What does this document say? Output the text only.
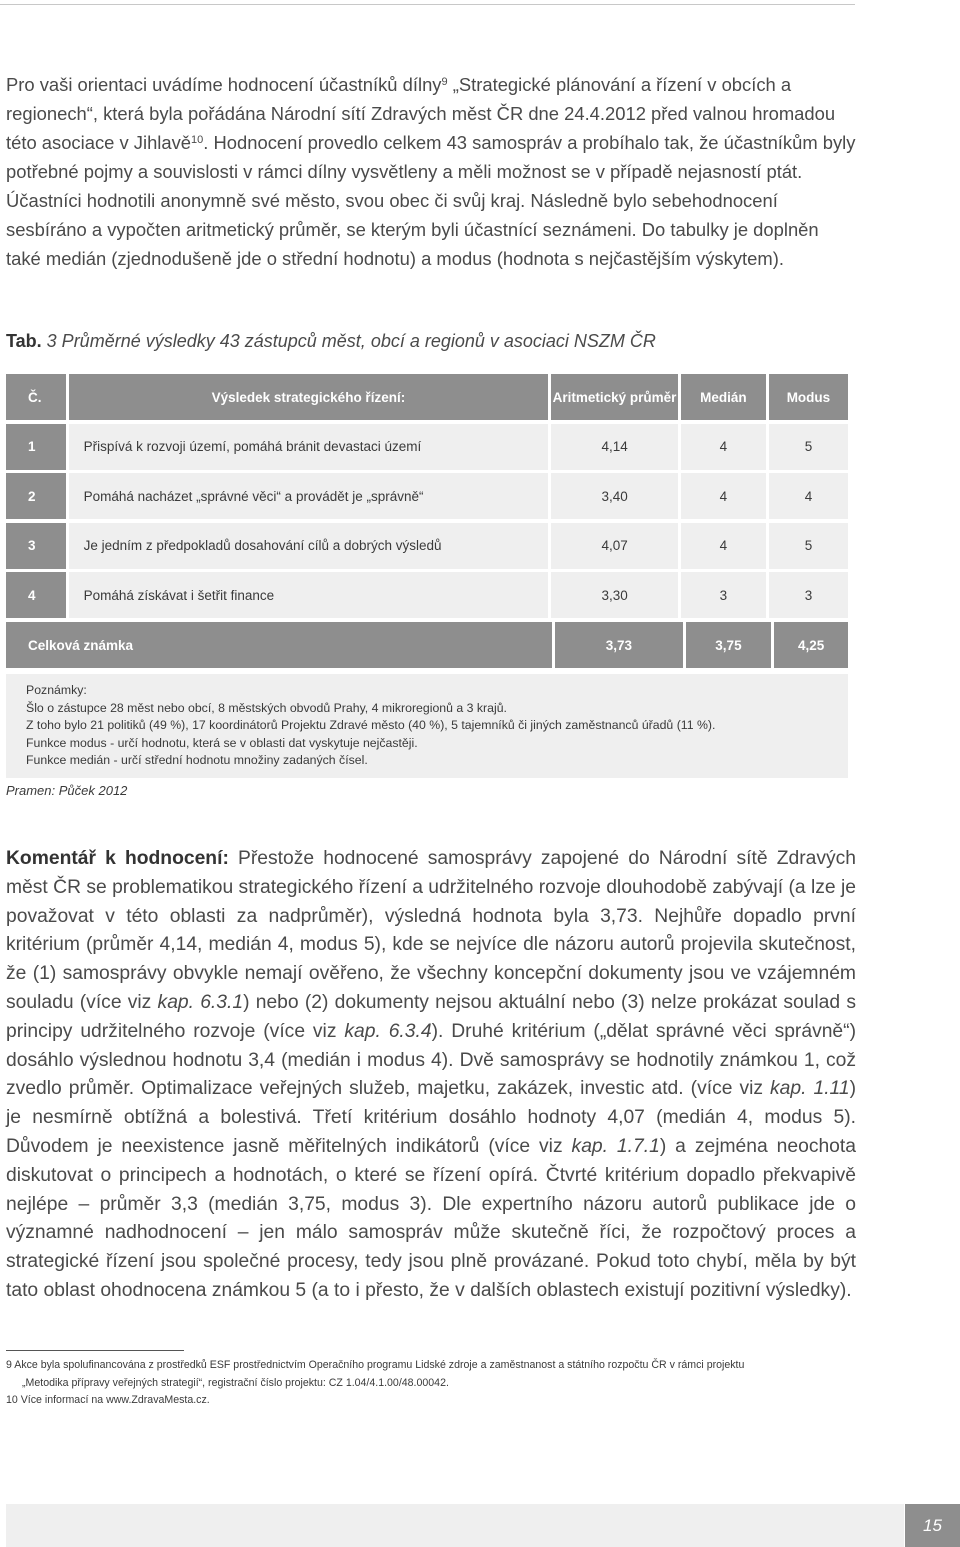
Pro vaši orientaci uvádíme hodnocení účastníků dílny$^9$ „Strategické plánování a řízení v obcích a regionech“, která byla pořádána Národní sítí Zdravých měst ČR dne 24.4.2012 před valnou hromadou této asociace v Jihlavě$^{10}$. Hodnocení provedlo celkem 43 samospráv a probíhalo tak, že účastníkům byly potřebné pojmy a souvislosti v rámci dílny vysvětleny a měli možnost se v případě nejasností ptát. Účastníci hodnotili anonymně své město, svou obec či svůj kraj. Následně bylo sebehodnocení sesbíráno a vypočten aritmetický průměr, se kterým byli účastnící seznámeni. Do tabulky je doplněn také medián (zjednodušeně jde o střední hodnotu) a modus (hodnota s nejčastějším výskytem).
Tab. 3 Průměrné výsledky 43 zástupců měst, obcí a regionů v asociaci NSZM ČR
Č.	Výsledek strategického řízení:	Aritmetický průměr	Medián	Modus
1	Přispívá k rozvoji území, pomáhá bránit devastaci území	4,14	4	5
2	Pomáhá nacházet „správné věci“ a provádět je „správně“	3,40	4	4
3	Je jedním z předpokladů dosahování cílů a dobrých výsledů	4,07	4	5
4	Pomáhá získávat i šetřit finance	3,30	3	3
Celková známka	3,73	3,75	4,25
Poznámky:
Šlo o zástupce 28 měst nebo obcí, 8 městských obvodů Prahy, 4 mikroregionů a 3 krajů.
Z toho bylo 21 politiků (49 %), 17 koordinátorů Projektu Zdravé město (40 %), 5 tajemníků či jiných zaměstnanců úřadů (11 %).
Funkce modus - určí hodnotu, která se v oblasti dat vyskytuje nejčastěji.
Funkce medián - určí střední hodnotu množiny zadaných čísel.
Pramen: Půček 2012
Komentář k hodnocení: Přestože hodnocené samosprávy zapojené do Národní sítě Zdravých měst ČR se problematikou strategického řízení a udržitelného rozvoje dlouhodobě zabývají (a lze je považovat v této oblasti za nadprůměr), výsledná hodnota byla 3,73. Nejhůře dopadlo první kritérium (průměr 4,14, medián 4, modus 5), kde se nejvíce dle názoru autorů projevila skutečnost, že (1) samosprávy obvykle nemají ověřeno, že všechny koncepční dokumenty jsou ve vzájemném souladu (více viz kap. 6.3.1) nebo (2) dokumenty nejsou aktuální nebo (3) nelze prokázat soulad s principy udržitelného rozvoje (více viz kap. 6.3.4). Druhé kritérium („dělat správné věci správně“) dosáhlo výslednou hodnotu 3,4 (medián i modus 4). Dvě samosprávy se hodnotily známkou 1, což zvedlo průměr. Optimalizace veřejných služeb, majetku, zakázek, investic atd. (více viz kap. 1.11) je nesmírně obtížná a bolestivá. Třetí kritérium dosáhlo hodnoty 4,07 (medián 4, modus 5). Důvodem je neexistence jasně měřitelných indikátorů (více viz kap. 1.7.1) a zejména neochota diskutovat o principech a hodnotách, o které se řízení opírá. Čtvrté kritérium dopadlo překvapivě nejlépe – průměr 3,3 (medián 3,75, modus 3). Dle expertního názoru autorů publikace jde o významné nadhodnocení – jen málo samospráv může skutečně říci, že rozpočtový proces a strategické řízení jsou společné procesy, tedy jsou plně provázané. Pokud toto chybí, měla by být tato oblast ohodnocena známkou 5 (a to i přesto, že v dalších oblastech existují pozitivní výsledky).
9 Akce byla spolufinancována z prostředků ESF prostřednictvím Operačního programu Lidské zdroje a zaměstnanost a státního rozpočtu ČR v rámci projektu
„Metodika přípravy veřejných strategií“, registrační číslo projektu: CZ 1.04/4.1.00/48.00042.
10 Více informací na www.ZdravaMesta.cz.
15
